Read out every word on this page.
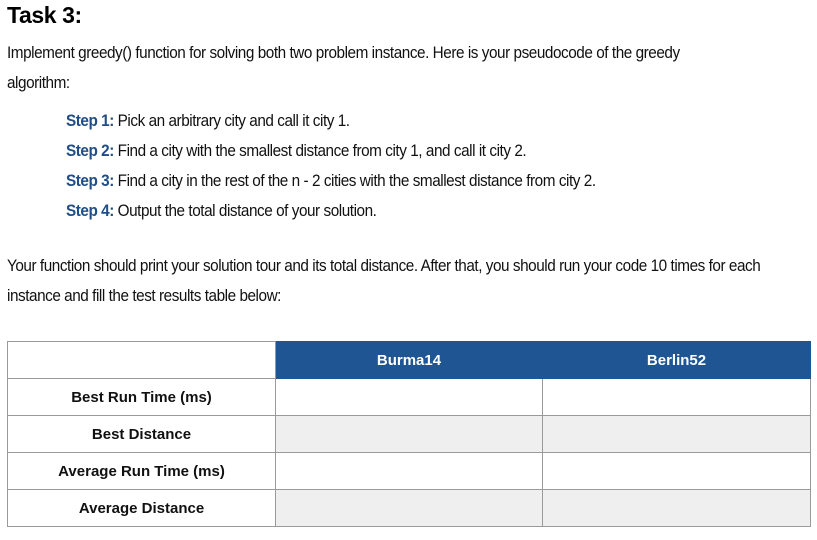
Task 3:
Implement greedy() function for solving both two problem instance. Here is your pseudocode of the greedy algorithm:
Step 1: Pick an arbitrary city and call it city 1.
Step 2: Find a city with the smallest distance from city 1, and call it city 2.
Step 3: Find a city in the rest of the n - 2 cities with the smallest distance from city 2.
Step 4: Output the total distance of your solution.
Your function should print your solution tour and its total distance. After that, you should run your code 10 times for each instance and fill the test results table below:
	Burma14	Berlin52
Best Run Time (ms)		
Best Distance		
Average Run Time (ms)		
Average Distance		
